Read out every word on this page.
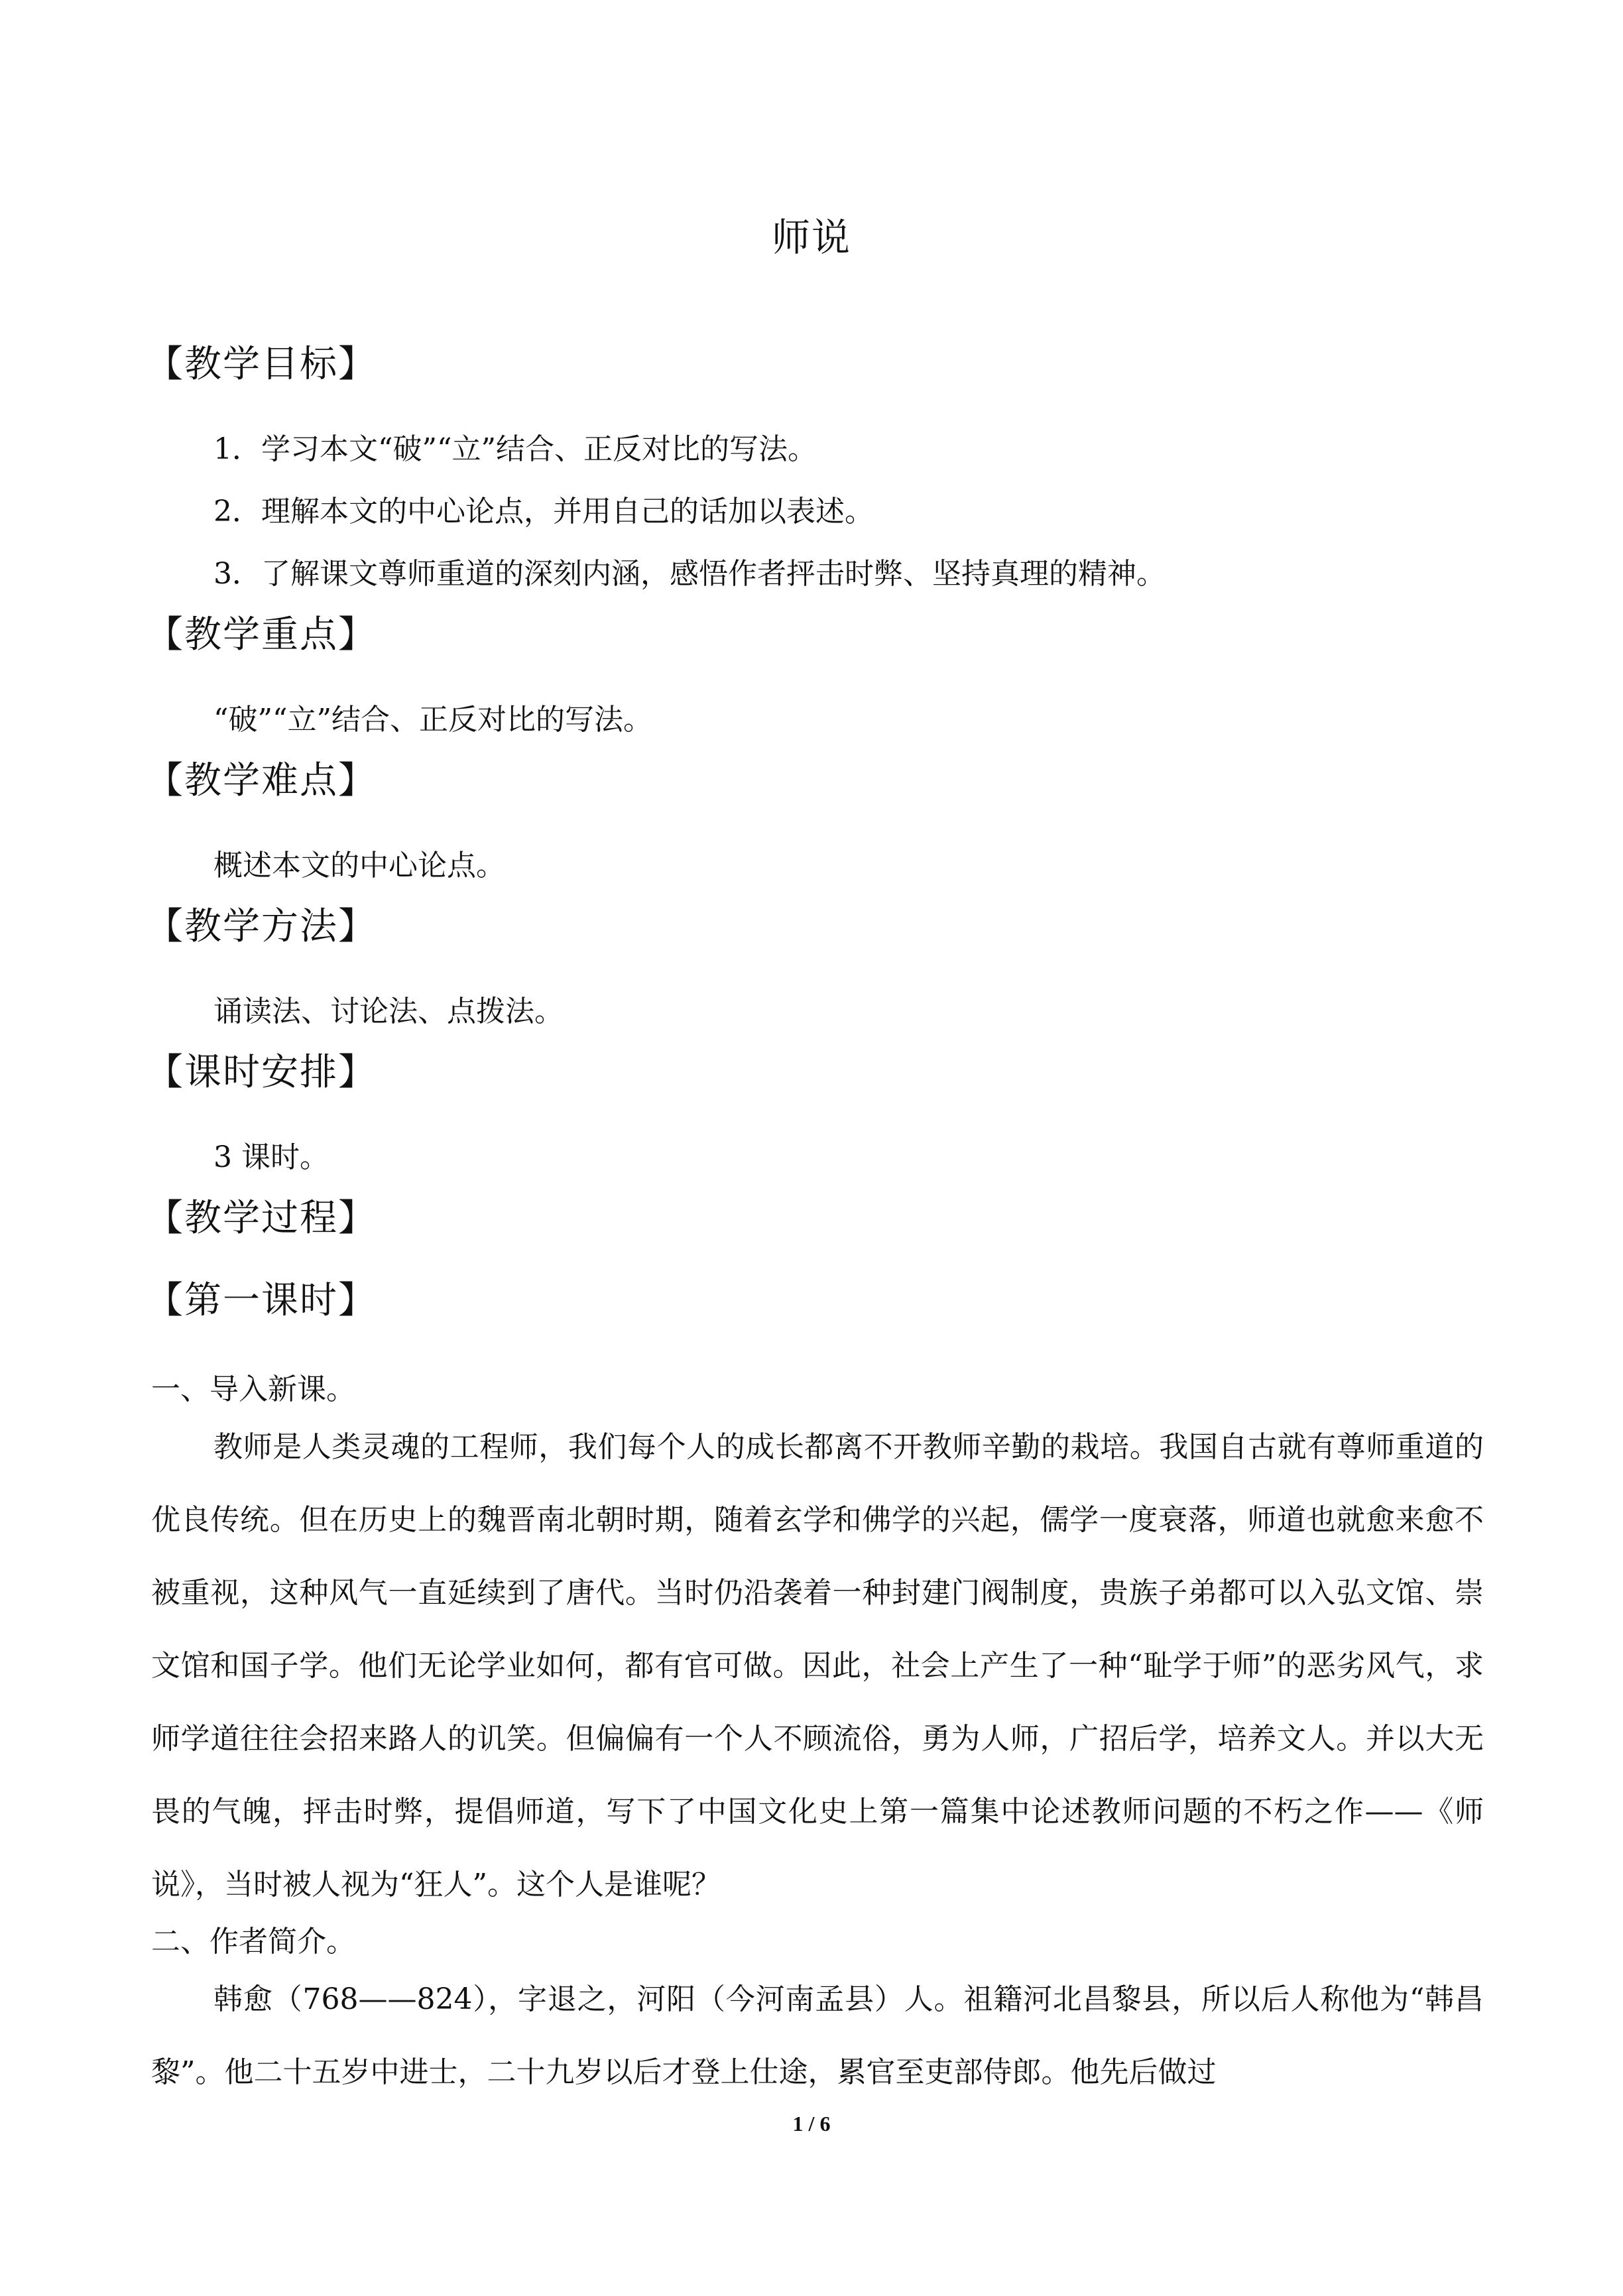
师说
【教学目标】
1．学习本文“破”“立”结合、正反对比的写法。
2．理解本文的中心论点，并用自己的话加以表述。
3．了解课文尊师重道的深刻内涵，感悟作者抨击时弊、坚持真理的精神。
【教学重点】
“破”“立”结合、正反对比的写法。
【教学难点】
概述本文的中心论点。
【教学方法】
诵读法、讨论法、点拨法。
【课时安排】
3 课时。
【教学过程】
【第一课时】
一、导入新课。

教师是人类灵魂的工程师，我们每个人的成长都离不开教师辛勤的栽培。我国自古就有尊师重道的优良传统。但在历史上的魏晋南北朝时期，随着玄学和佛学的兴起，儒学一度衰落，师道也就愈来愈不被重视，这种风气一直延续到了唐代。当时仍沿袭着一种封建门阀制度，贵族子弟都可以入弘文馆、崇文馆和国子学。他们无论学业如何，都有官可做。因此，社会上产生了一种“耻学于师”的恶劣风气，求师学道往往会招来路人的讥笑。但偏偏有一个人不顾流俗，勇为人师，广招后学，培养文人。并以大无畏的气魄，抨击时弊，提倡师道，写下了中国文化史上第一篇集中论述教师问题的不朽之作——《师说》，当时被人视为“狂人”。这个人是谁呢？

二、作者简介。

韩愈（768——824），字退之，河阳（今河南孟县）人。祖籍河北昌黎县，所以后人称他为“韩昌黎”。他二十五岁中进士，二十九岁以后才登上仕途，累官至吏部侍郎。他先后做过

1 / 6
